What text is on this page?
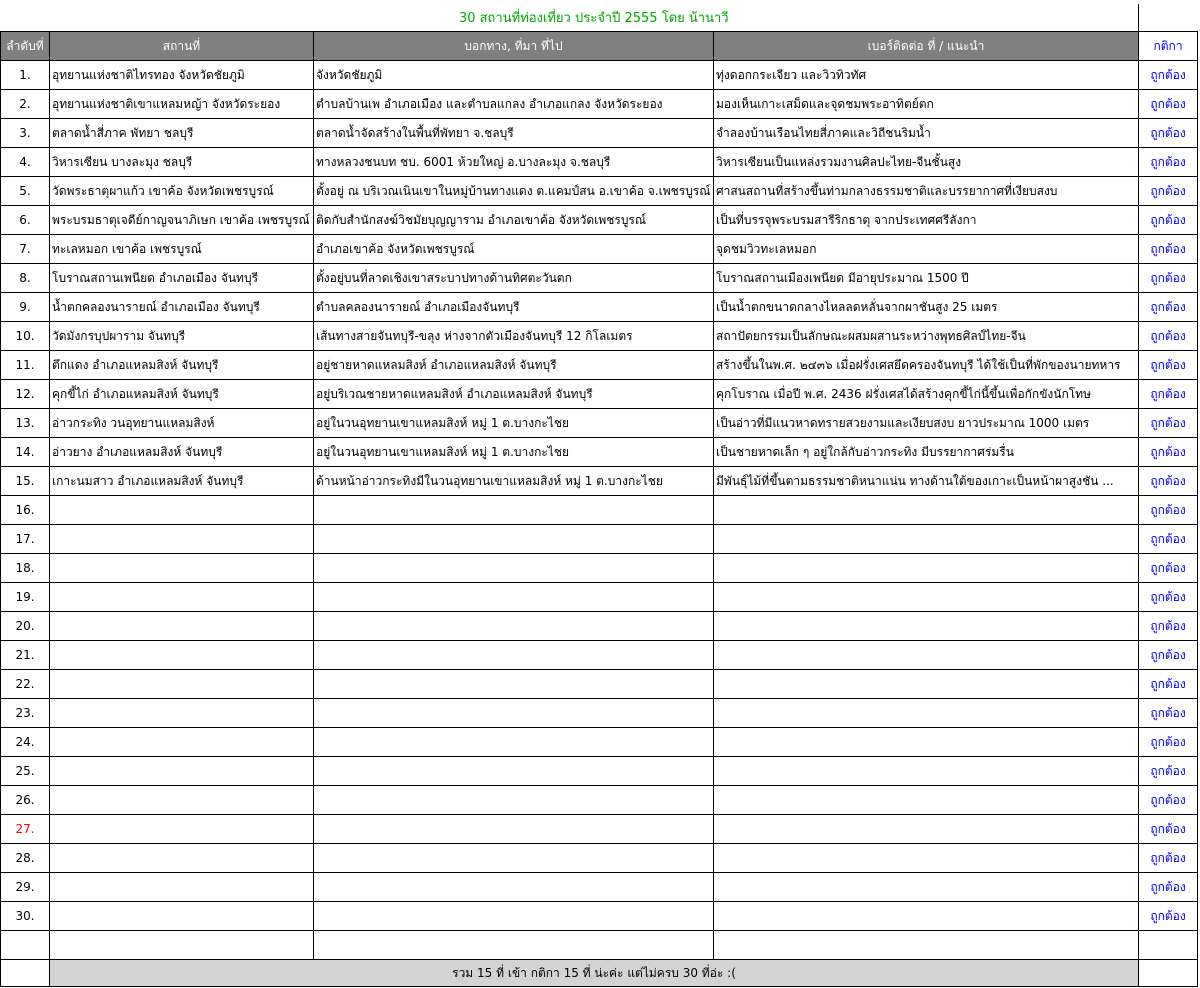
	30 สถานที่ท่องเที่ยว ประจำปี 2555 โดย น้านาวี			
ลำดับที่	สถานที่	บอกทาง, ที่มา ที่ไป	เบอร์ติดต่อ ที่ / แนะนำ	กติกา
1.	อุทยานแห่งชาติไทรทอง จังหวัดชัยภูมิ	จังหวัดชัยภูมิ	ทุ่งดอกกระเจียว และวิวทิวทัศ	ถูกต้อง
2.	อุทยานแห่งชาติเขาแหลมหญ้า จังหวัดระยอง	ตำบลบ้านเพ อำเภอเมือง และตำบลแกลง อำเภอแกลง จังหวัดระยอง	มองเห็นเกาะเสม็ดและจุดชมพระอาทิตย์ตก	ถูกต้อง
3.	ตลาดน้ำสี่ภาค พัทยา ชลบุรี	ตลาดน้ำจัดสร้างในพื้นที่พัทยา จ.ชลบุรี	จำลองบ้านเรือนไทยสี่ภาคและวิถีชนริมน้ำ	ถูกต้อง
4.	วิหารเซียน บางละมุง ชลบุรี	ทางหลวงชนบท ชบ. 6001 ห้วยใหญ่ อ.บางละมุง จ.ชลบุรี	วิหารเซียนเป็นแหล่งรวมงานศิลปะไทย-จีนชั้นสูง	ถูกต้อง
5.	วัดพระธาตุผาแก้ว เขาค้อ จังหวัดเพชรบูรณ์	ตั้งอยู่ ณ บริเวณเนินเขาในหมู่บ้านทางแดง ต.แคมป์สน อ.เขาค้อ จ.เพชรบูรณ์	ศาสนสถานที่สร้างขึ้นท่ามกลางธรรมชาติและบรรยากาศที่เงียบสงบ	ถูกต้อง
6.	พระบรมธาตุเจดีย์กาญจนาภิเษก เขาค้อ เพชรบูรณ์	ติดกับสำนักสงฆ์วิชมัยบุญญาราม อำเภอเขาค้อ จังหวัดเพชรบูรณ์	เป็นที่บรรจุพระบรมสารีริกธาตุ จากประเทศศรีลังกา	ถูกต้อง
7.	ทะเลหมอก เขาค้อ เพชรบูรณ์	อำเภอเขาค้อ จังหวัดเพชรบูรณ์	จุดชมวิวทะเลหมอก	ถูกต้อง
8.	โบราณสถานเพนียด อำเภอเมือง จันทบุรี	ตั้งอยู่บนที่ลาดเชิงเขาสระบาปทางด้านทิศตะวันตก	โบราณสถานเมืองเพนียด มีอายุประมาณ 1500 ปี	ถูกต้อง
9.	น้ำตกคลองนารายณ์ อำเภอเมือง จันทบุรี	ตำบลคลองนารายณ์ อำเภอเมืองจันทบุรี	เป็นน้ำตกขนาดกลางไหลลดหลั่นจากผาชันสูง 25 เมตร	ถูกต้อง
10.	วัดมังกรบุปผาราม จันทบุรี	เส้นทางสายจันทบุรี-ขลุง ห่างจากตัวเมืองจันทบุรี 12 กิโลเมตร	สถาปัตยกรรมเป็นลักษณะผสมผสานระหว่างพุทธศิลป์ไทย-จีน	ถูกต้อง
11.	ตึกแดง อำเภอแหลมสิงห์ จันทบุรี	อยู่ชายหาดแหลมสิงห์ อำเภอแหลมสิงห์ จันทบุรี	สร้างขึ้นในพ.ศ. ๒๔๓๖ เมื่อฝรั่งเศสยึดครองจันทบุรี ได้ใช้เป็นที่พักของนายทหาร	ถูกต้อง
12.	คุกขี้ไก่ อำเภอแหลมสิงห์ จันทบุรี	อยู่บริเวณชายหาดแหลมสิงห์ อำเภอแหลมสิงห์ จันทบุรี	คุกโบราณ เมื่อปี พ.ศ. 2436 ฝรั่งเศสได้สร้างคุกขี้ไก่นี้ขึ้นเพื่อกักขังนักโทษ	ถูกต้อง
13.	อ่าวกระทิง วนอุทยานแหลมสิงห์	อยู่ในวนอุทยานเขาแหลมสิงห์ หมู่ 1 ต.บางกะไชย	เป็นอ่าวที่มีแนวหาดทรายสวยงามและเงียบสงบ ยาวประมาณ 1000 เมตร	ถูกต้อง
14.	อ่าวยาง อำเภอแหลมสิงห์ จันทบุรี	อยู่ในวนอุทยานเขาแหลมสิงห์ หมู่ 1 ต.บางกะไชย	เป็นชายหาดเล็ก ๆ อยู่ใกล้กับอ่าวกระทิง มีบรรยากาศร่มรื่น	ถูกต้อง
15.	เกาะนมสาว อำเภอแหลมสิงห์ จันทบุรี	ด้านหน้าอ่าวกระทิงมีในวนอุทยานเขาแหลมสิงห์ หมู่ 1 ต.บางกะไชย	มีพันธุ์ไม้ที่ขึ้นตามธรรมชาติหนาแน่น ทางด้านใต้ของเกาะเป็นหน้าผาสูงชัน ...	ถูกต้อง
16.				ถูกต้อง
17.				ถูกต้อง
18.				ถูกต้อง
19.				ถูกต้อง
20.				ถูกต้อง
21.				ถูกต้อง
22.				ถูกต้อง
23.				ถูกต้อง
24.				ถูกต้อง
25.				ถูกต้อง
26.				ถูกต้อง
27.				ถูกต้อง
28.				ถูกต้อง
29.				ถูกต้อง
30.				ถูกต้อง

	รวม 15 ที่ เข้า กติกา 15 ที่ น่ะค่ะ แต่ไม่ครบ 30 ที่อ่ะ :(			
